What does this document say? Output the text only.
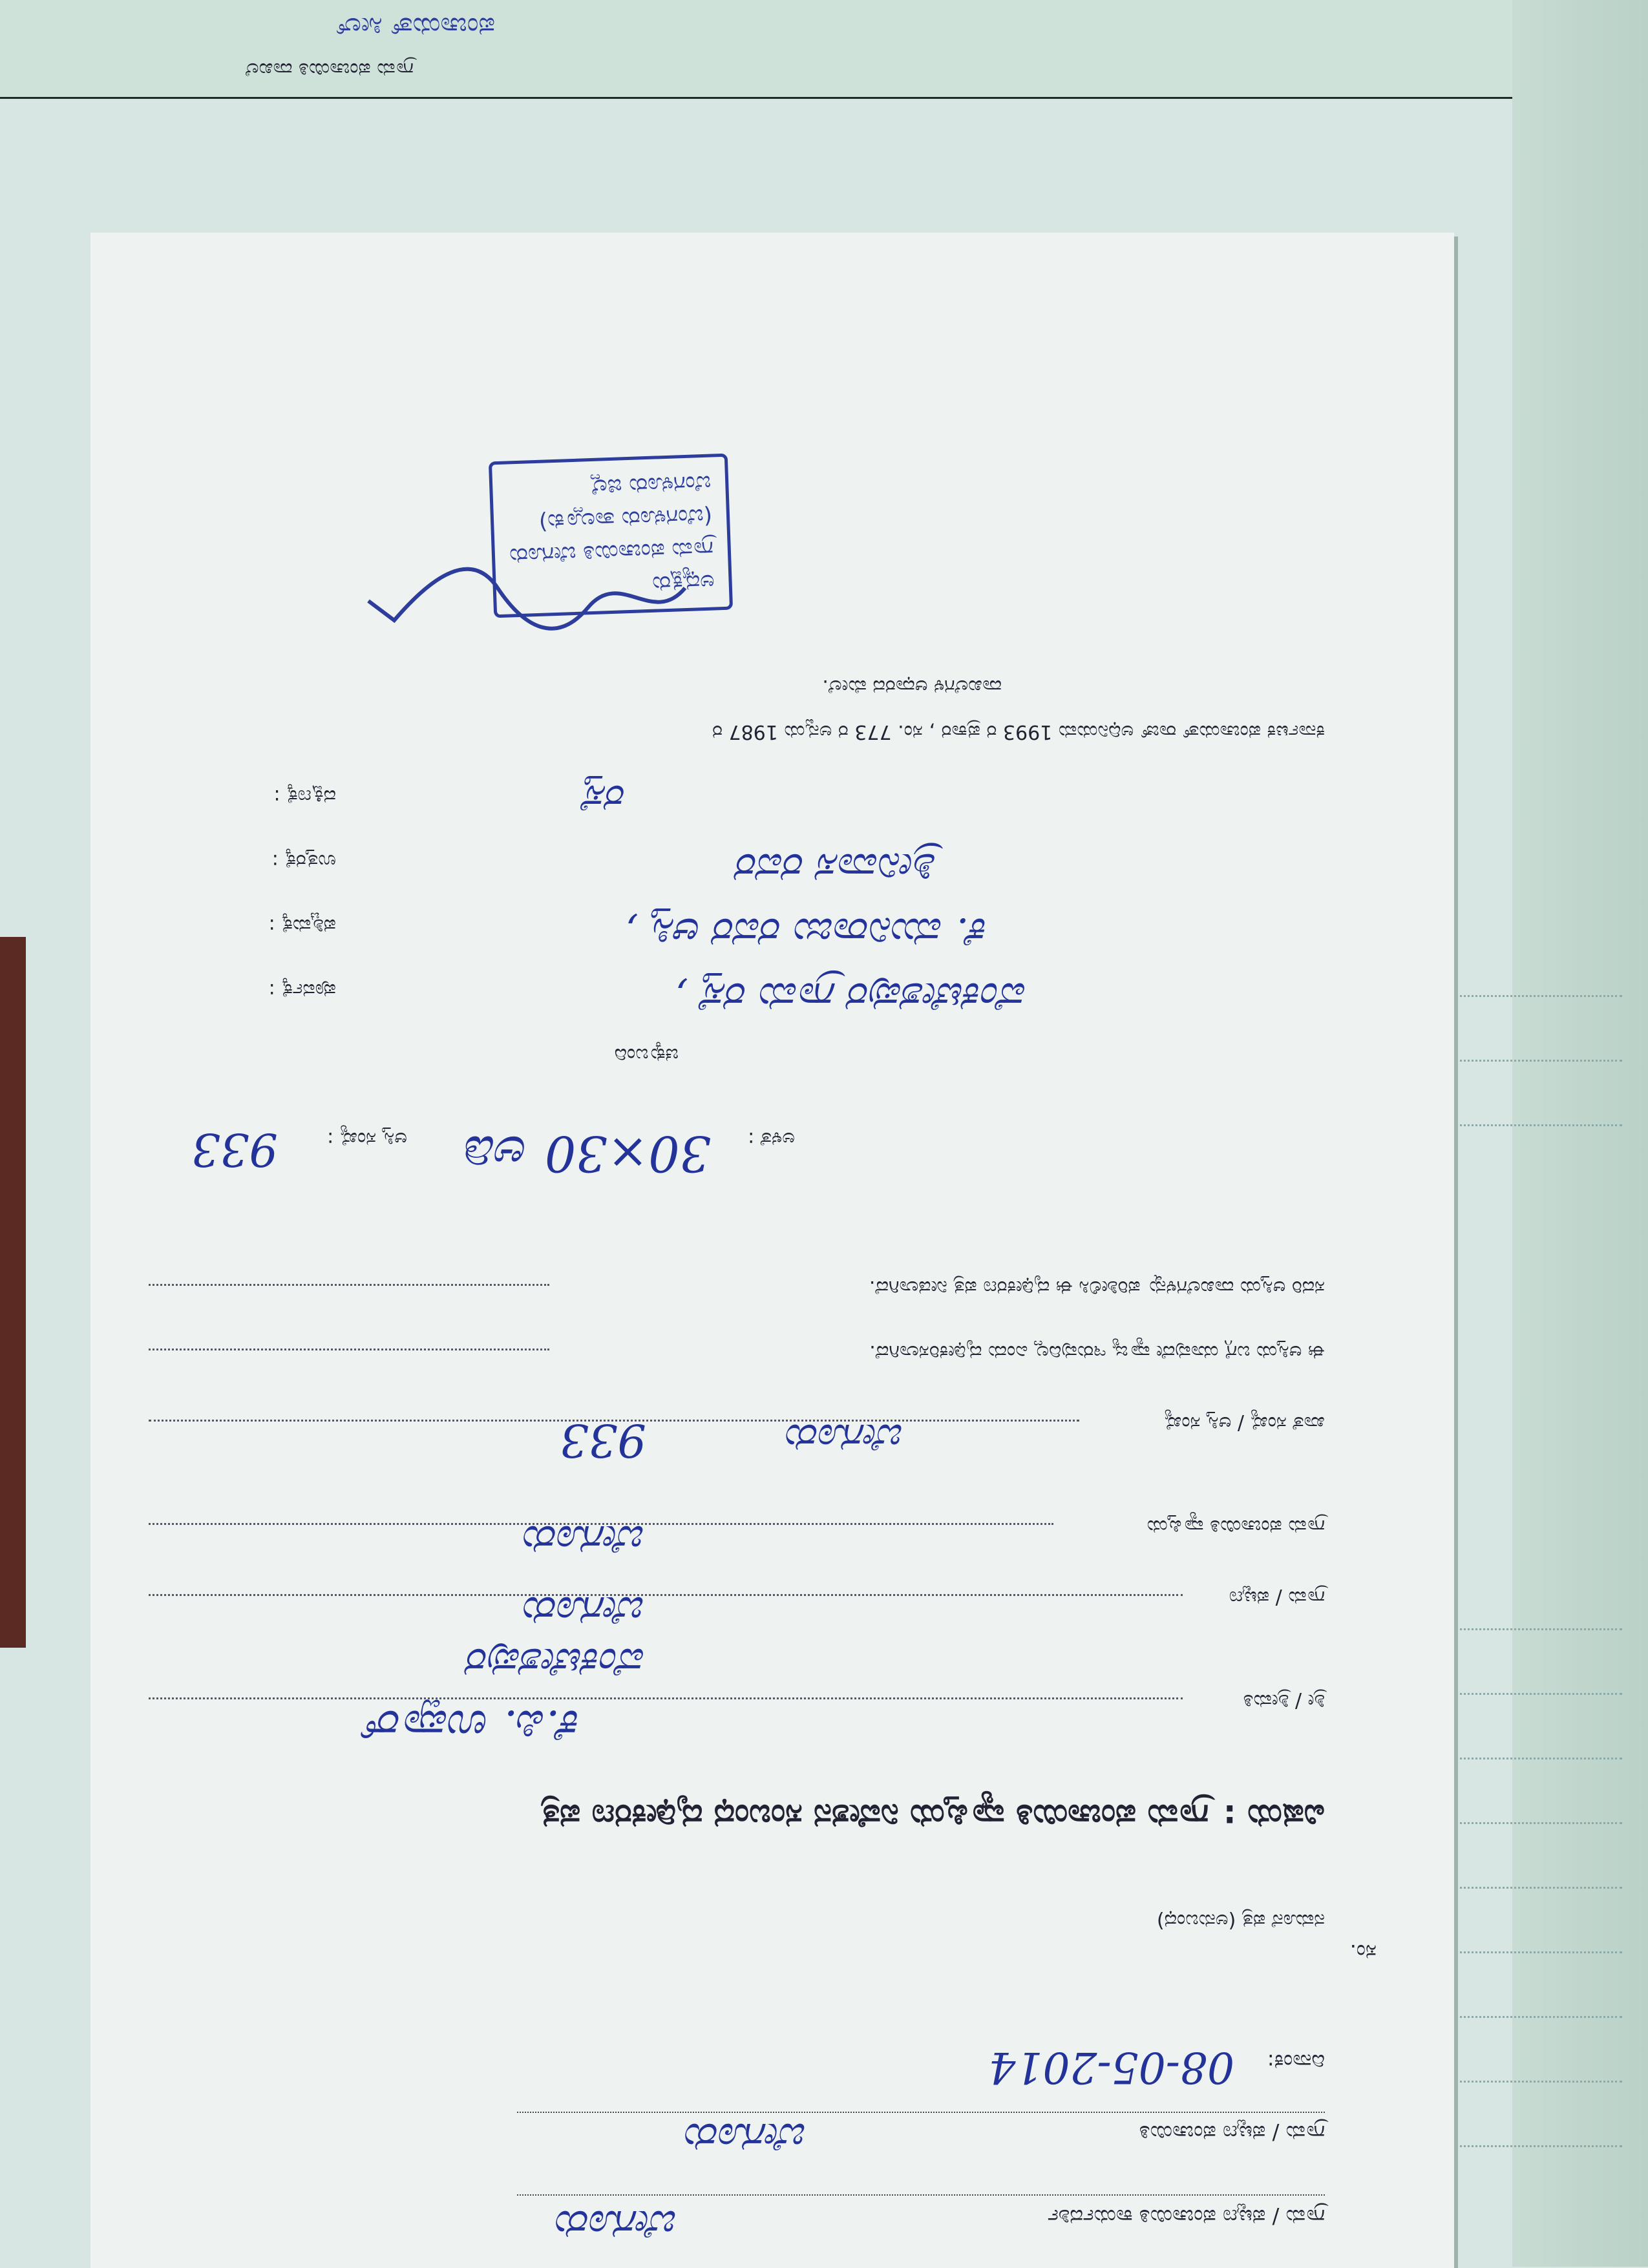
ಪಂಚಾಯತ್ ಸೀಲ್
ಗ್ರಾಮ ಪಂಚಾಯಿತಿ ದಾಖಲೆ
ಗ್ರಾಮ / ಪಟ್ಟಣ ಪಂಚಾಯಿತಿ ಕಾರ್ಯದರ್ಶಿ
ಬೇಗೂರು
ಗ್ರಾಮ / ಪಟ್ಟಣ ಪಂಚಾಯಿತಿ
ಬೇಗೂರು
ದಿನಾಂಕ:
08-05-2014
ಸಂ.
ನಮೂನೆ ಪತ್ರ (ಅನುಬಂಧ)
ವಿಷಯ :
ಗ್ರಾಮ ಪಂಚಾಯಿತಿ ವ್ಯಾಪ್ತಿಯ ನಿವೇಶನ ಸಂಬಂಧ ದೃಢೀಕರಣ ಪತ್ರ
ಶ್ರೀ / ಶ್ರೀಮತಿ
ಕೆ.ಪಿ. ಉಪ್ಪಾರ್
ವೆಂಕಟೇಶಪುರ
ಗ್ರಾಮ / ಪಟ್ಟಣ
ಬೇಗೂರು
ಗ್ರಾಮ ಪಂಚಾಯಿತಿ ವ್ಯಾಪ್ತಿಯ
ಬೇಗೂರು
ಖಾತೆ ಸಂಖ್ಯೆ / ಆಸ್ತಿ ಸಂಖ್ಯೆ
933	ಬೇಗೂರು
ಈ ಆಸ್ತಿಯ ಬಗ್ಗೆ ಯಾವುದೇ ವ್ಯಾಜ್ಯ ಇರುವುದಿಲ್ಲ ಎಂದು ದೃಢೀಕರಿಸಲಾಗಿದೆ.
ಸದರಿ ಆಸ್ತಿಯ ದಾಖಲೆಗಳನ್ನು ಪರಿಶೀಲಿಸಿ ಈ ದೃಢೀಕರಣ ಪತ್ರ ನೀಡಲಾಗಿದೆ.
ಆಸ್ತಿ ಸಂಖ್ಯೆ :
933	ಅಳತೆ :
30×30 ಅಡಿ
ಚಕ್ಕುಬಂದಿ
ಪೂರ್ವಕ್ಕೆ :	ವೆಂಕಟೇಶಪುರ ಗ್ರಾಮ ರಸ್ತೆ ,
ಪಶ್ಚಿಮಕ್ಕೆ :	ಕೆ. ಮುನಿರಾಜು ರವರ ಆಸ್ತಿ ,
ಉತ್ತರಕ್ಕೆ :	ಶ್ರೀನಿವಾಸ ರವರ
ದಕ್ಷಿಣಕ್ಕೆ :	ರಸ್ತೆ
ಕರ್ನಾಟಕ ಪಂಚಾಯತ್ ರಾಜ್ ಅಧಿನಿಯಮ 1993 ರ ಪ್ರಕಾರ , ಸಂ. 773 ರ ಅನ್ವಯ 1987 ರ
ದಾಖಲೆಗಳ ಆಧಾರದ ಮೇಲೆ.
ಅಧ್ಯಕ್ಷರು
ಗ್ರಾಮ ಪಂಚಾಯಿತಿ ಬೇಗೂರು
(ಬೆಂಗಳೂರು ತಾಲ್ಲೂಕು)
ಬೆಂಗಳೂರು ಜಿಲ್ಲೆ
